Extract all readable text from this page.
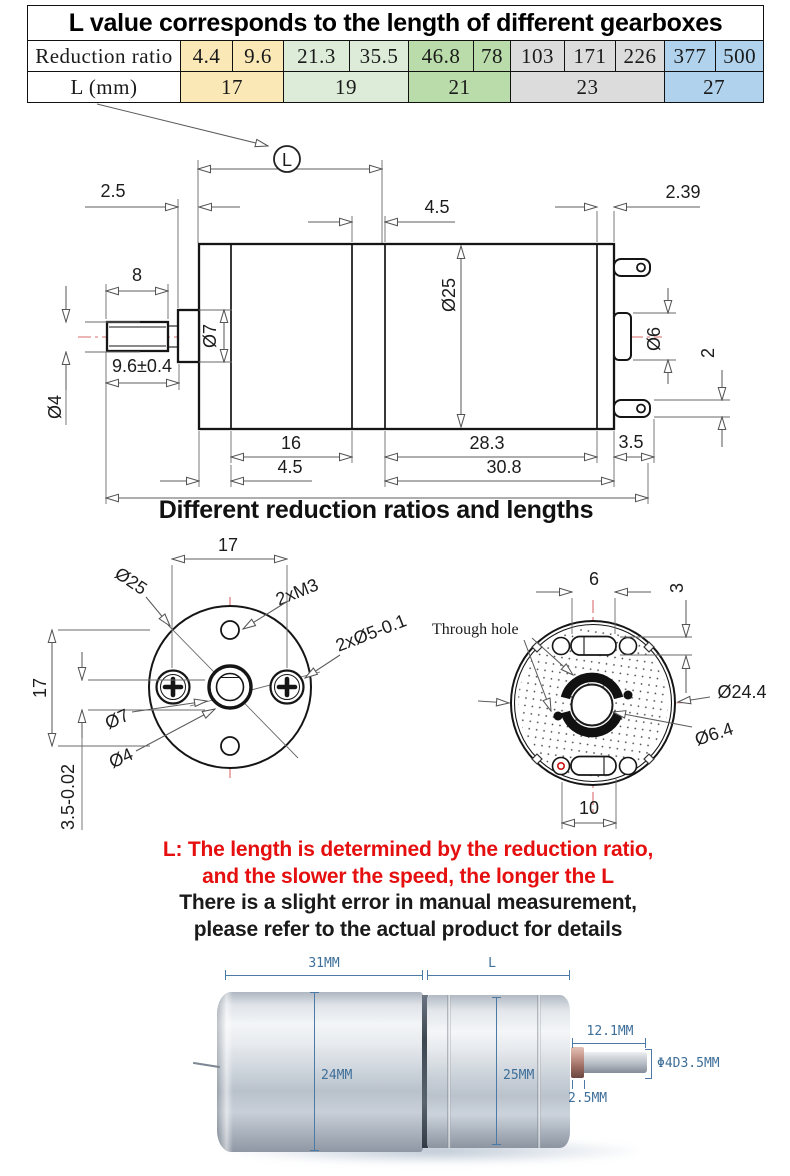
L value corresponds to the length of different gearboxes											
Reduction ratio	4.4	9.6	21.3	35.5	46.8	78	103	171	226	377	500
L (mm)	17		19		21		23			27	
L
2.5
4.5
2.39
8
Ø7
Ø25
Ø6
2
9.6±0.4
Ø4
16
4.5
28.3
30.8
3.5
17
17
3.5-0.02
Ø25	2xM3
2xØ5-0.1
Ø7
Ø4
6	3
Through hole
Ø24.4
Ø6.4
10
Different reduction ratios and lengths
L: The length is determined by the reduction ratio,
and the slower the speed, the longer the L
There is a slight error in manual measurement,
please refer to the actual product for details
31MM	L
24MM	25MM
12.1MM
Φ4D3.5MM
2.5MM
